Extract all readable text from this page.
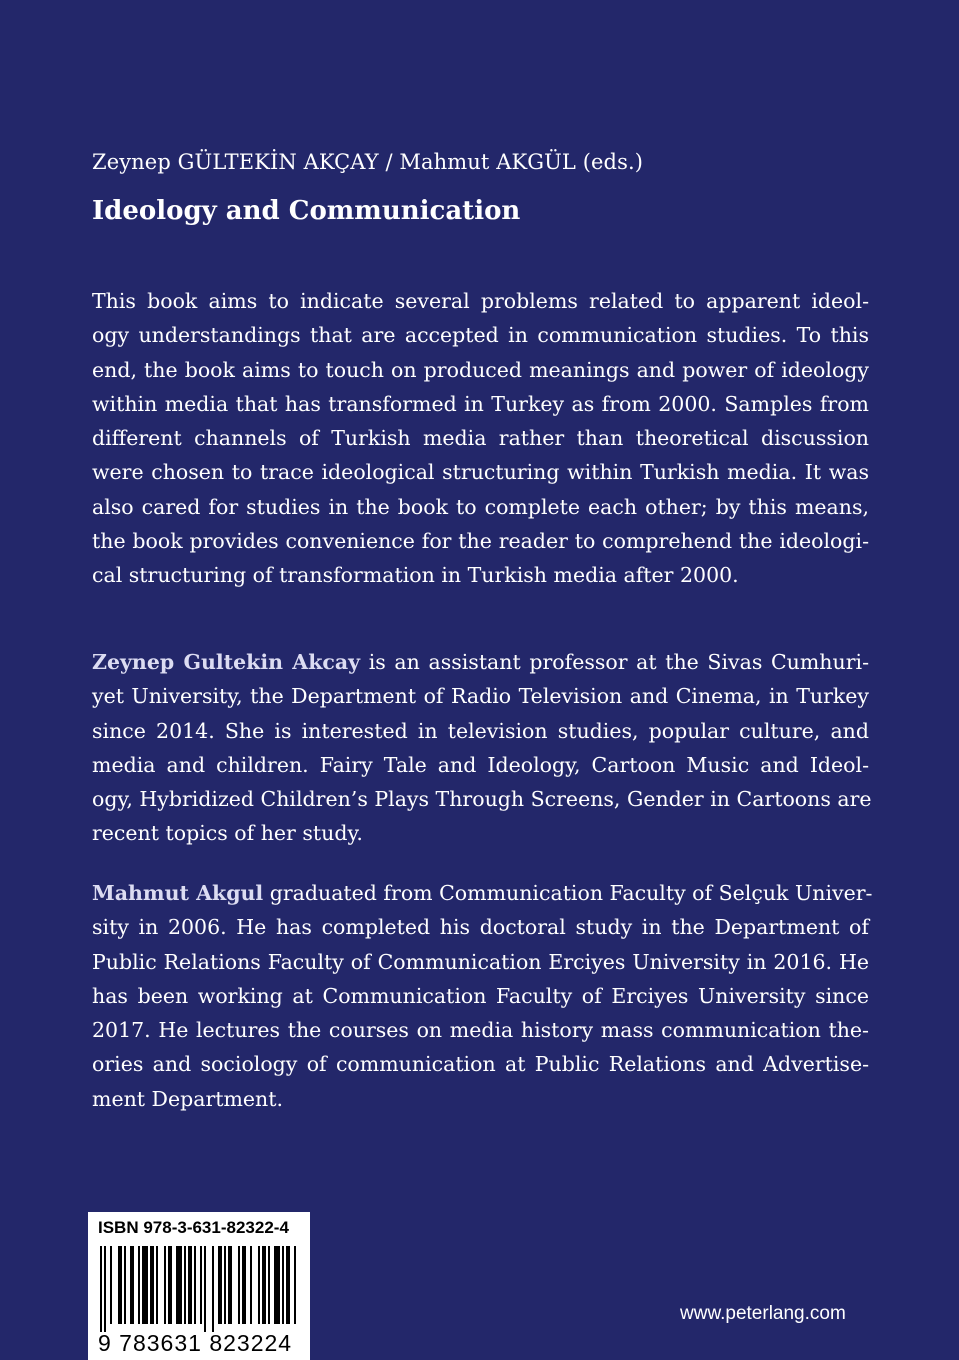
Zeynep GÜLTEKİN AKÇAY / Mahmut AKGÜL (eds.)
Ideology and Communication
This book aims to indicate several problems related to apparent ideol-
ogy understandings that are accepted in communication studies. To this
end, the book aims to touch on produced meanings and power of ideology
within media that has transformed in Turkey as from 2000. Samples from
different channels of Turkish media rather than theoretical discussion
were chosen to trace ideological structuring within Turkish media. It was
also cared for studies in the book to complete each other; by this means,
the book provides convenience for the reader to comprehend the ideologi-
cal structuring of transformation in Turkish media after 2000.
Zeynep Gultekin Akcay is an assistant professor at the Sivas Cumhuri-
yet University, the Department of Radio Television and Cinema, in Turkey
since 2014. She is interested in television studies, popular culture, and
media and children. Fairy Tale and Ideology, Cartoon Music and Ideol-
ogy, Hybridized Children’s Plays Through Screens, Gender in Cartoons are
recent topics of her study.
Mahmut Akgul graduated from Communication Faculty of Selçuk Univer-
sity in 2006. He has completed his doctoral study in the Department of
Public Relations Faculty of Communication Erciyes University in 2016. He
has been working at Communication Faculty of Erciyes University since
2017. He lectures the courses on media history mass communication the-
ories and sociology of communication at Public Relations and Advertise-
ment Department.
ISBN 978-3-631-82322-4
9 783631 823224
www.peterlang.com
